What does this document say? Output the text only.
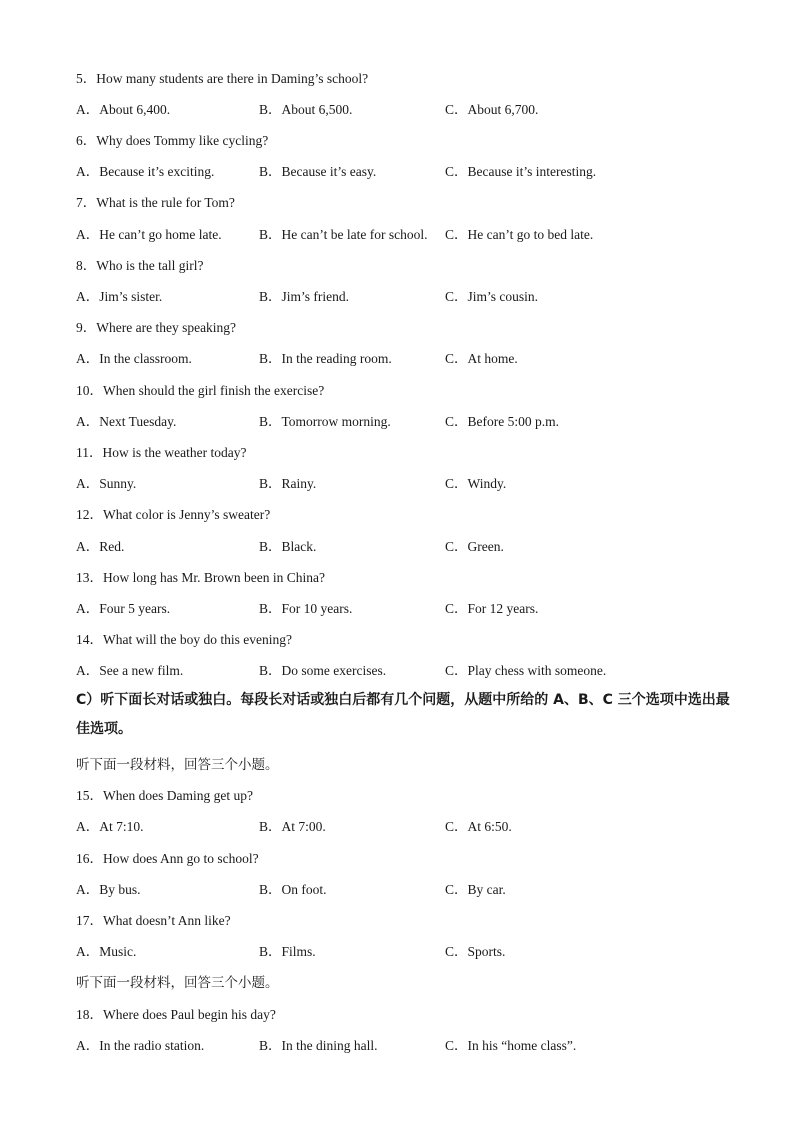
5．How many students are there in Daming’s school?
A．About 6,400.	B．About 6,500.	C．About 6,700.
6．Why does Tommy like cycling?
A．Because it’s exciting.	B．Because it’s easy.	C．Because it’s interesting.
7．What is the rule for Tom?
A．He can’t go home late.	B．He can’t be late for school. C．He can’t go to bed late.
8．Who is the tall girl?
A．Jim’s sister.	B．Jim’s friend.	C．Jim’s cousin.
9．Where are they speaking?
A．In the classroom.	B．In the reading room.	C．At home.
10．When should the girl finish the exercise?
A．Next Tuesday.	B．Tomorrow morning.	C．Before 5:00 p.m.
11．How is the weather today?
A．Sunny.	B．Rainy.	C．Windy.
12．What color is Jenny’s sweater?
A．Red.	B．Black.	C．Green.
13．How long has Mr. Brown been in China?
A．Four 5 years.	B．For 10 years.	C．For 12 years.
14．What will the boy do this evening?
A．See a new film.	B．Do some exercises.	C．Play chess with someone.
C）听下面长对话或独白。每段长对话或独白后都有几个问题，从题中所给的 A、B、C 三个选项中选出最佳选项。
听下面一段材料，回答三个小题。
15．When does Daming get up?
A．At 7:10.	B．At 7:00.	C．At 6:50.
16．How does Ann go to school?
A．By bus.	B．On foot.	C．By car.
17．What doesn’t Ann like?
A．Music.	B．Films.	C．Sports.
听下面一段材料，回答三个小题。
18．Where does Paul begin his day?
A．In the radio station.	B．In the dining hall.	C．In his “home class”.
